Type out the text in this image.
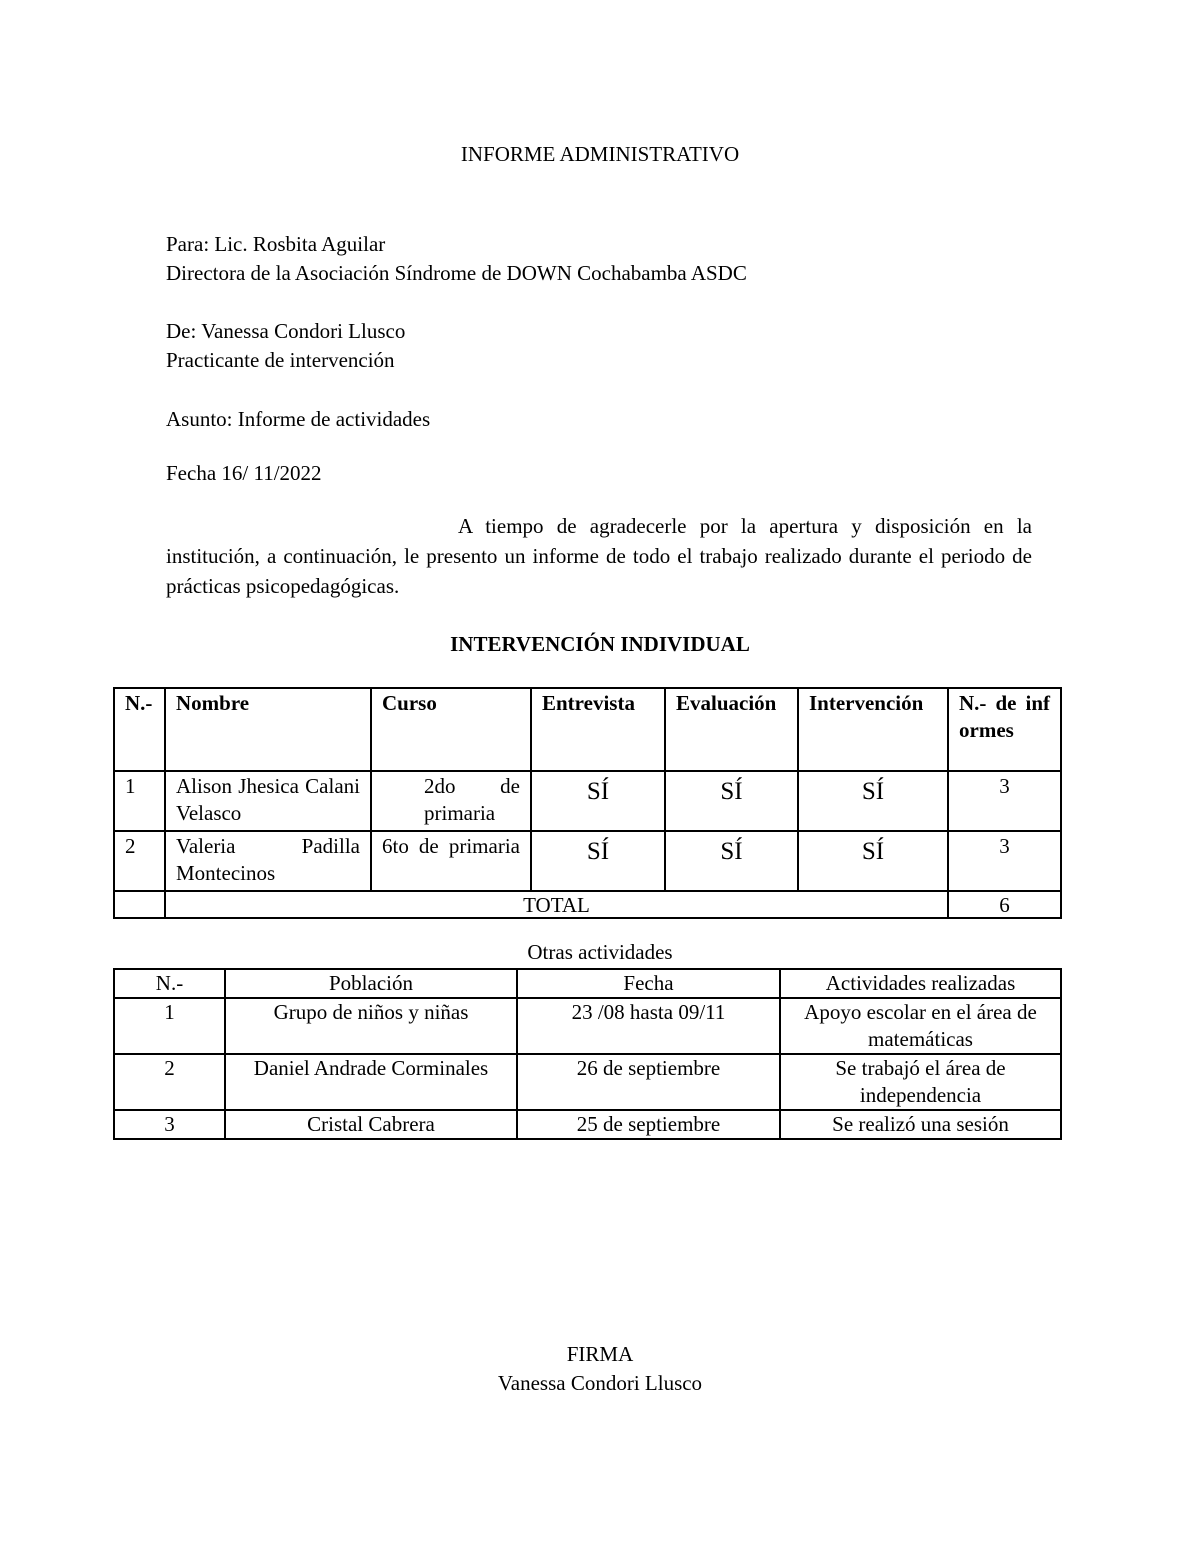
INFORME ADMINISTRATIVO
Para: Lic. Rosbita Aguilar
Directora de la Asociación Síndrome de DOWN Cochabamba ASDC
De: Vanessa Condori Llusco
Practicante de intervención
Asunto: Informe de actividades
Fecha 16/ 11/2022

A tiempo de agradecerle por la apertura y disposición en la institución, a continuación, le presento un informe de todo el trabajo realizado durante el periodo de prácticas psicopedagógicas.

INTERVENCIÓN INDIVIDUAL
N.-	Nombre	Curso	Entrevista	Evaluación	Intervención	N.- de informes
1	Alison Jhesica Calani Velasco	2do de primaria	SÍ	SÍ	SÍ	3
2	Valeria Padilla Montecinos	6to de primaria	SÍ	SÍ	SÍ	3
	TOTAL					6
Otras actividades
N.-	Población	Fecha	Actividades realizadas
1	Grupo de niños y niñas	23 /08 hasta 09/11	Apoyo escolar en el área de matemáticas
2	Daniel Andrade Corminales	26 de septiembre	Se trabajó el área de independencia
3	Cristal Cabrera	25 de septiembre	Se realizó una sesión
FIRMA
Vanessa Condori Llusco
